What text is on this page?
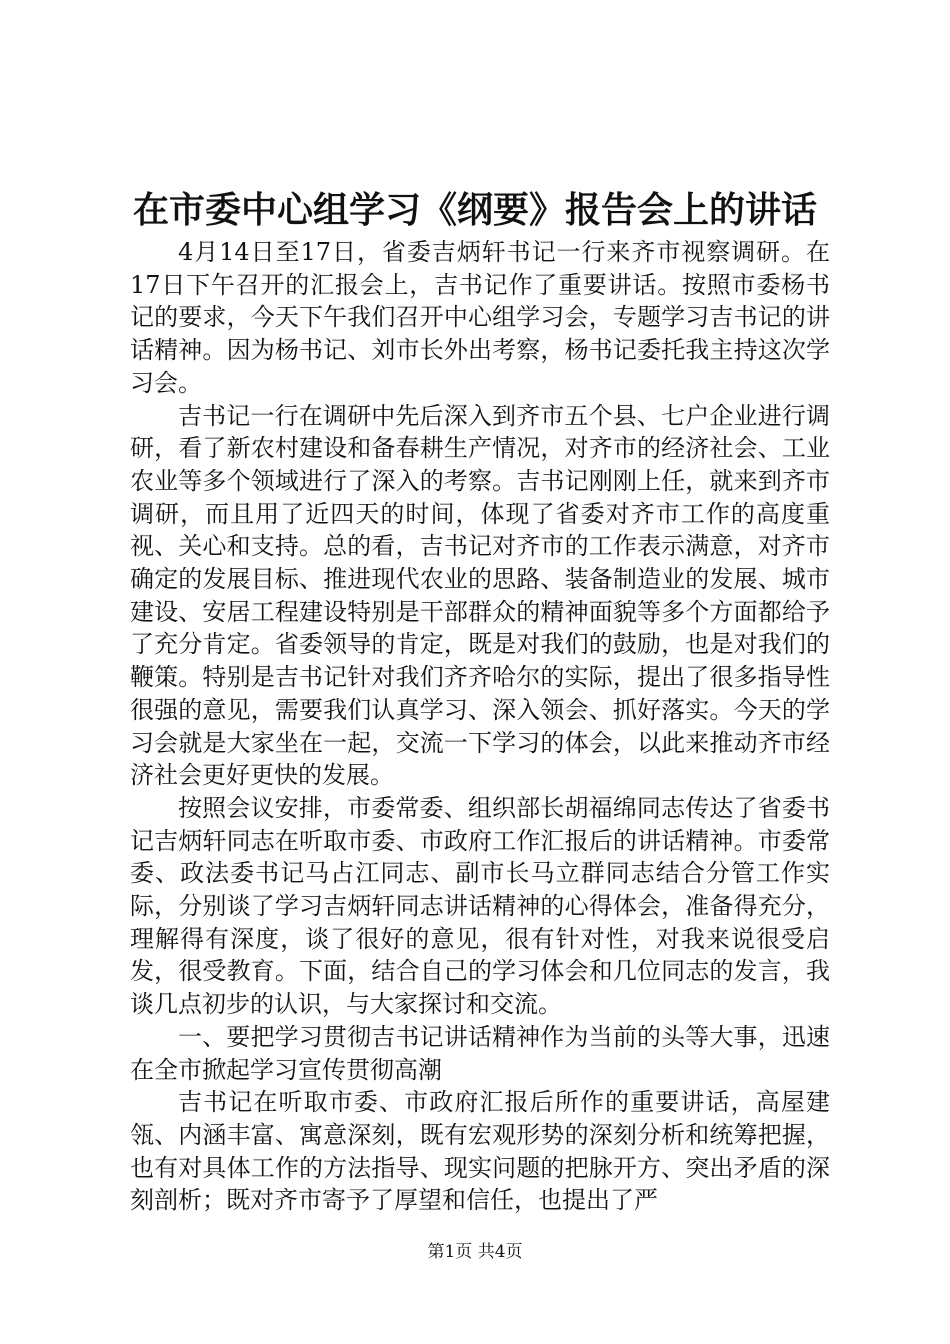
在市委中心组学习《纲要》报告会上的讲话

4月14日至17日，省委吉炳轩书记一行来齐市视察调研。在17日下午召开的汇报会上，吉书记作了重要讲话。按照市委杨书记的要求，今天下午我们召开中心组学习会，专题学习吉书记的讲话精神。因为杨书记、刘市长外出考察，杨书记委托我主持这次学习会。

吉书记一行在调研中先后深入到齐市五个县、七户企业进行调研，看了新农村建设和备春耕生产情况，对齐市的经济社会、工业农业等多个领域进行了深入的考察。吉书记刚刚上任，就来到齐市调研，而且用了近四天的时间，体现了省委对齐市工作的高度重视、关心和支持。总的看，吉书记对齐市的工作表示满意，对齐市确定的发展目标、推进现代农业的思路、装备制造业的发展、城市建设、安居工程建设特别是干部群众的精神面貌等多个方面都给予了充分肯定。省委领导的肯定，既是对我们的鼓励，也是对我们的鞭策。特别是吉书记针对我们齐齐哈尔的实际，提出了很多指导性很强的意见，需要我们认真学习、深入领会、抓好落实。今天的学习会就是大家坐在一起，交流一下学习的体会，以此来推动齐市经济社会更好更快的发展。

按照会议安排，市委常委、组织部长胡福绵同志传达了省委书记吉炳轩同志在听取市委、市政府工作汇报后的讲话精神。市委常委、政法委书记马占江同志、副市长马立群同志结合分管工作实际，分别谈了学习吉炳轩同志讲话精神的心得体会，准备得充分，理解得有深度，谈了很好的意见，很有针对性，对我来说很受启发，很受教育。下面，结合自己的学习体会和几位同志的发言，我谈几点初步的认识，与大家探讨和交流。

一、要把学习贯彻吉书记讲话精神作为当前的头等大事，迅速在全市掀起学习宣传贯彻高潮

吉书记在听取市委、市政府汇报后所作的重要讲话，高屋建瓴、内涵丰富、寓意深刻，既有宏观形势的深刻分析和统筹把握，也有对具体工作的方法指导、现实问题的把脉开方、突出矛盾的深刻剖析；既对齐市寄予了厚望和信任，也提出了严

第1页 共4页
